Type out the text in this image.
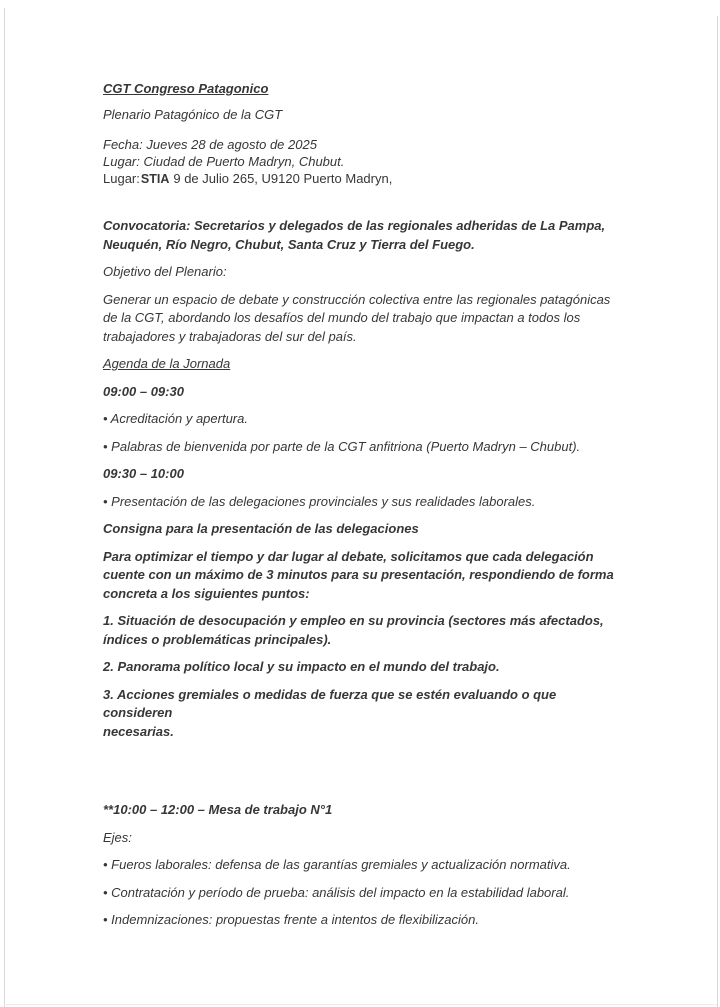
CGT Congreso Patagonico

Plenario Patagónico de la CGT

Fecha: Jueves 28 de agosto de 2025

Lugar: Ciudad de Puerto Madryn, Chubut.

Lugar:STIA 9 de Julio 265, U9120 Puerto Madryn,

Convocatoria: Secretarios y delegados de las regionales adheridas de La Pampa,

Neuquén, Río Negro, Chubut, Santa Cruz y Tierra del Fuego.

Objetivo del Plenario:

Generar un espacio de debate y construcción colectiva entre las regionales patagónicas

de la CGT, abordando los desafíos del mundo del trabajo que impactan a todos los

trabajadores y trabajadoras del sur del país.

Agenda de la Jornada

09:00 – 09:30

• Acreditación y apertura.

• Palabras de bienvenida por parte de la CGT anfitriona (Puerto Madryn – Chubut).

09:30 – 10:00

• Presentación de las delegaciones provinciales y sus realidades laborales.

Consigna para la presentación de las delegaciones

Para optimizar el tiempo y dar lugar al debate, solicitamos que cada delegación

cuente con un máximo de 3 minutos para su presentación, respondiendo de forma

concreta a los siguientes puntos:

1. Situación de desocupación y empleo en su provincia (sectores más afectados,

índices o problemáticas principales).

2. Panorama político local y su impacto en el mundo del trabajo.

3. Acciones gremiales o medidas de fuerza que se estén evaluando o que consideren

necesarias.

**10:00 – 12:00 – Mesa de trabajo N°1

Ejes:

• Fueros laborales: defensa de las garantías gremiales y actualización normativa.

• Contratación y período de prueba: análisis del impacto en la estabilidad laboral.

• Indemnizaciones: propuestas frente a intentos de flexibilización.
